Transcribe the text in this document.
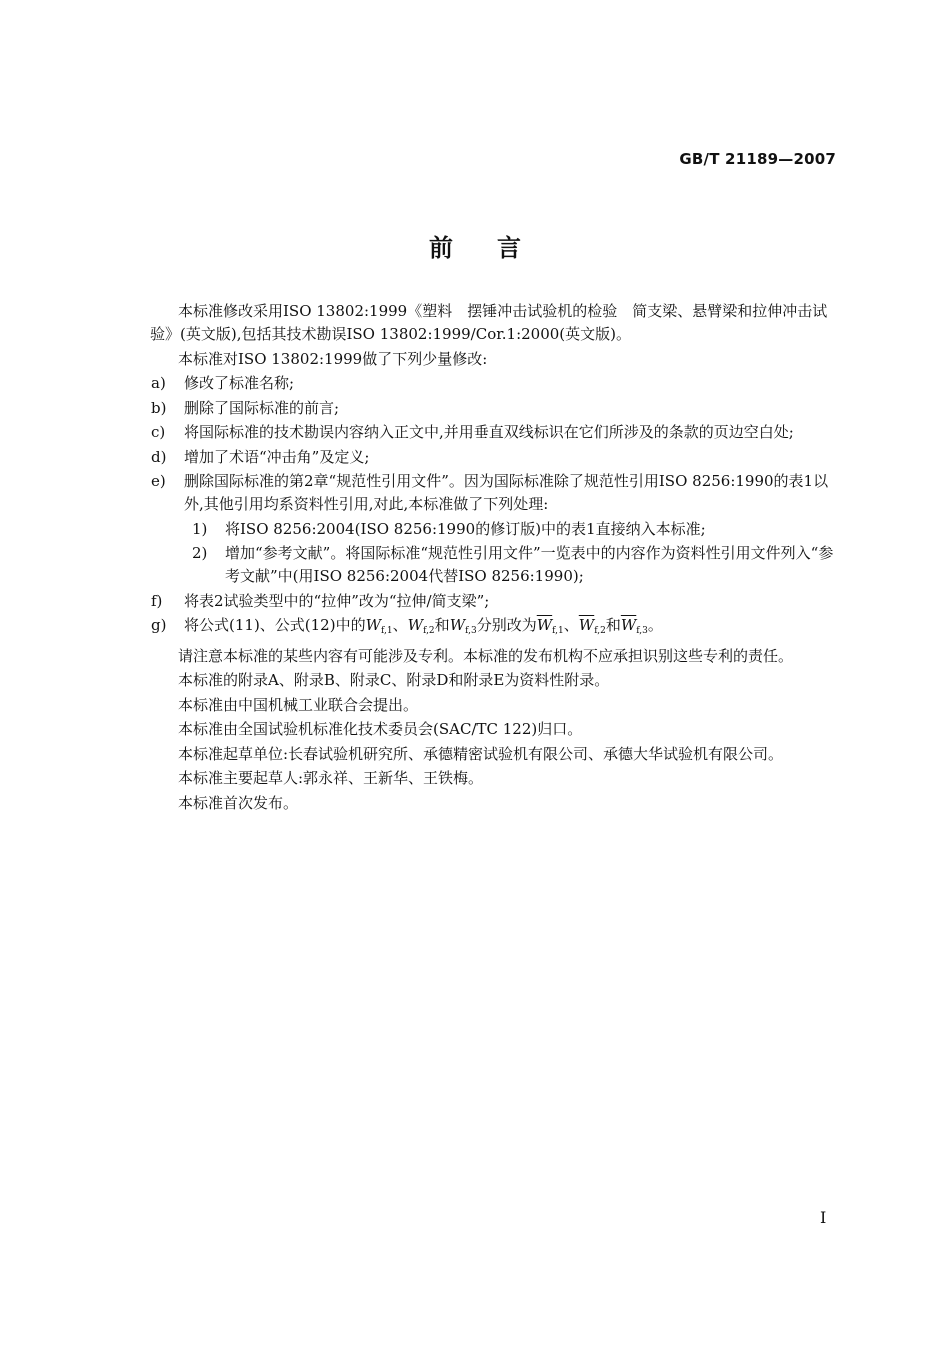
GB/T 21189—2007
前言
本标准修改采用ISO 13802:1999《塑料　摆锤冲击试验机的检验　简支梁、悬臂梁和拉伸冲击试验》(英文版),包括其技术勘误ISO 13802:1999/Cor.1:2000(英文版)。
本标准对ISO 13802:1999做了下列少量修改:
a)	修改了标准名称;
b)	删除了国际标准的前言;
c)	将国际标准的技术勘误内容纳入正文中,并用垂直双线标识在它们所涉及的条款的页边空白处;
d)	增加了术语“冲击角”及定义;
e)	删除国际标准的第2章“规范性引用文件”。因为国际标准除了规范性引用ISO 8256:1990的表1以外,其他引用均系资料性引用,对此,本标准做了下列处理:
1)	将ISO 8256:2004(ISO 8256:1990的修订版)中的表1直接纳入本标准;
2)	增加“参考文献”。将国际标准“规范性引用文件”一览表中的内容作为资料性引用文件列入“参考文献”中(用ISO 8256:2004代替ISO 8256:1990);
f)	将表2试验类型中的“拉伸”改为“拉伸/简支梁”;
g)	将公式(11)、公式(12)中的$W_{f,1}$、$W_{f,2}$和$W_{f,3}$分别改为$\overline{W}_{f,1}$、$\overline{W}_{f,2}$和$\overline{W}_{f,3}$。
请注意本标准的某些内容有可能涉及专利。本标准的发布机构不应承担识别这些专利的责任。
本标准的附录A、附录B、附录C、附录D和附录E为资料性附录。
本标准由中国机械工业联合会提出。
本标准由全国试验机标准化技术委员会(SAC/TC 122)归口。
本标准起草单位:长春试验机研究所、承德精密试验机有限公司、承德大华试验机有限公司。
本标准主要起草人:郭永祥、王新华、王铁梅。
本标准首次发布。
I
